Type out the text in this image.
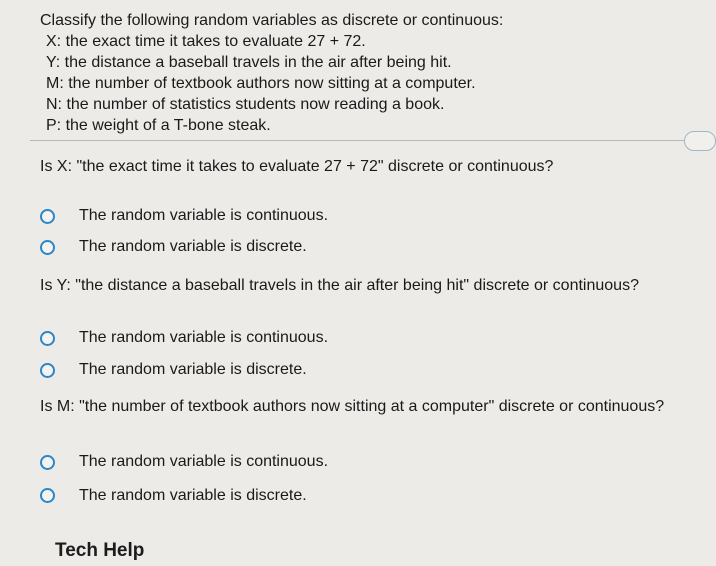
Classify the following random variables as discrete or continuous:
X: the exact time it takes to evaluate 27 + 72.
Y: the distance a baseball travels in the air after being hit.
M: the number of textbook authors now sitting at a computer.
N: the number of statistics students now reading a book.
P: the weight of a T-bone steak.
Is X: "the exact time it takes to evaluate 27 + 72" discrete or continuous?
The random variable is continuous.
The random variable is discrete.
Is Y: "the distance a baseball travels in the air after being hit" discrete or continuous?
The random variable is continuous.
The random variable is discrete.
Is M: "the number of textbook authors now sitting at a computer" discrete or continuous?
The random variable is continuous.
The random variable is discrete.
Tech Help
